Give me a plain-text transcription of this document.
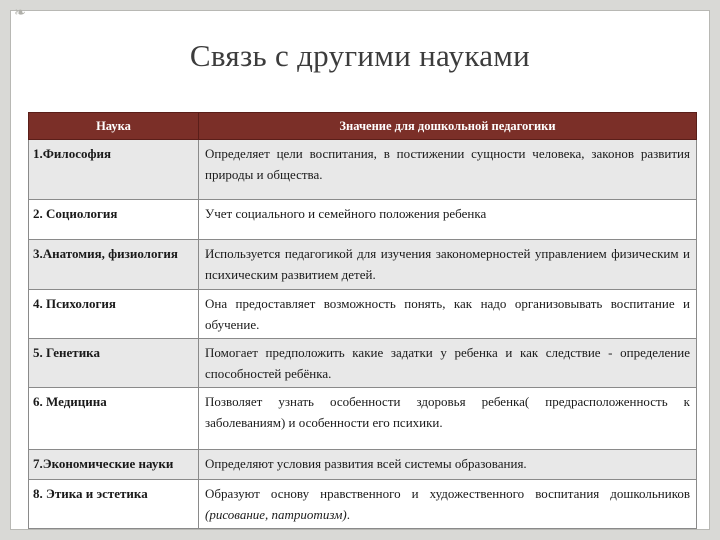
❧
Связь с другими науками
Наука	Значение для дошкольной педагогики
1.Философия	Определяет цели воспитания, в постижении сущности человека, законов развития природы и общества.
2. Социология	Учет социального и семейного положения ребенка
3.Анатомия, физиология	Используется педагогикой для изучения закономерностей управлением физическим и психическим развитием детей.
4. Психология	Она предоставляет возможность понять, как надо организовывать воспитание и обучение.
5. Генетика	Помогает предположить какие задатки у ребенка и как следствие - определение способностей ребёнка.
6. Медицина	Позволяет узнать особенности здоровья ребенка( предрасположенность к заболеваниям) и особенности его психики.
7.Экономические науки	Определяют условия развития всей системы образования.
8. Этика и эстетика	Образуют основу нравственного и художественного воспитания дошкольников (рисование, патриотизм).
